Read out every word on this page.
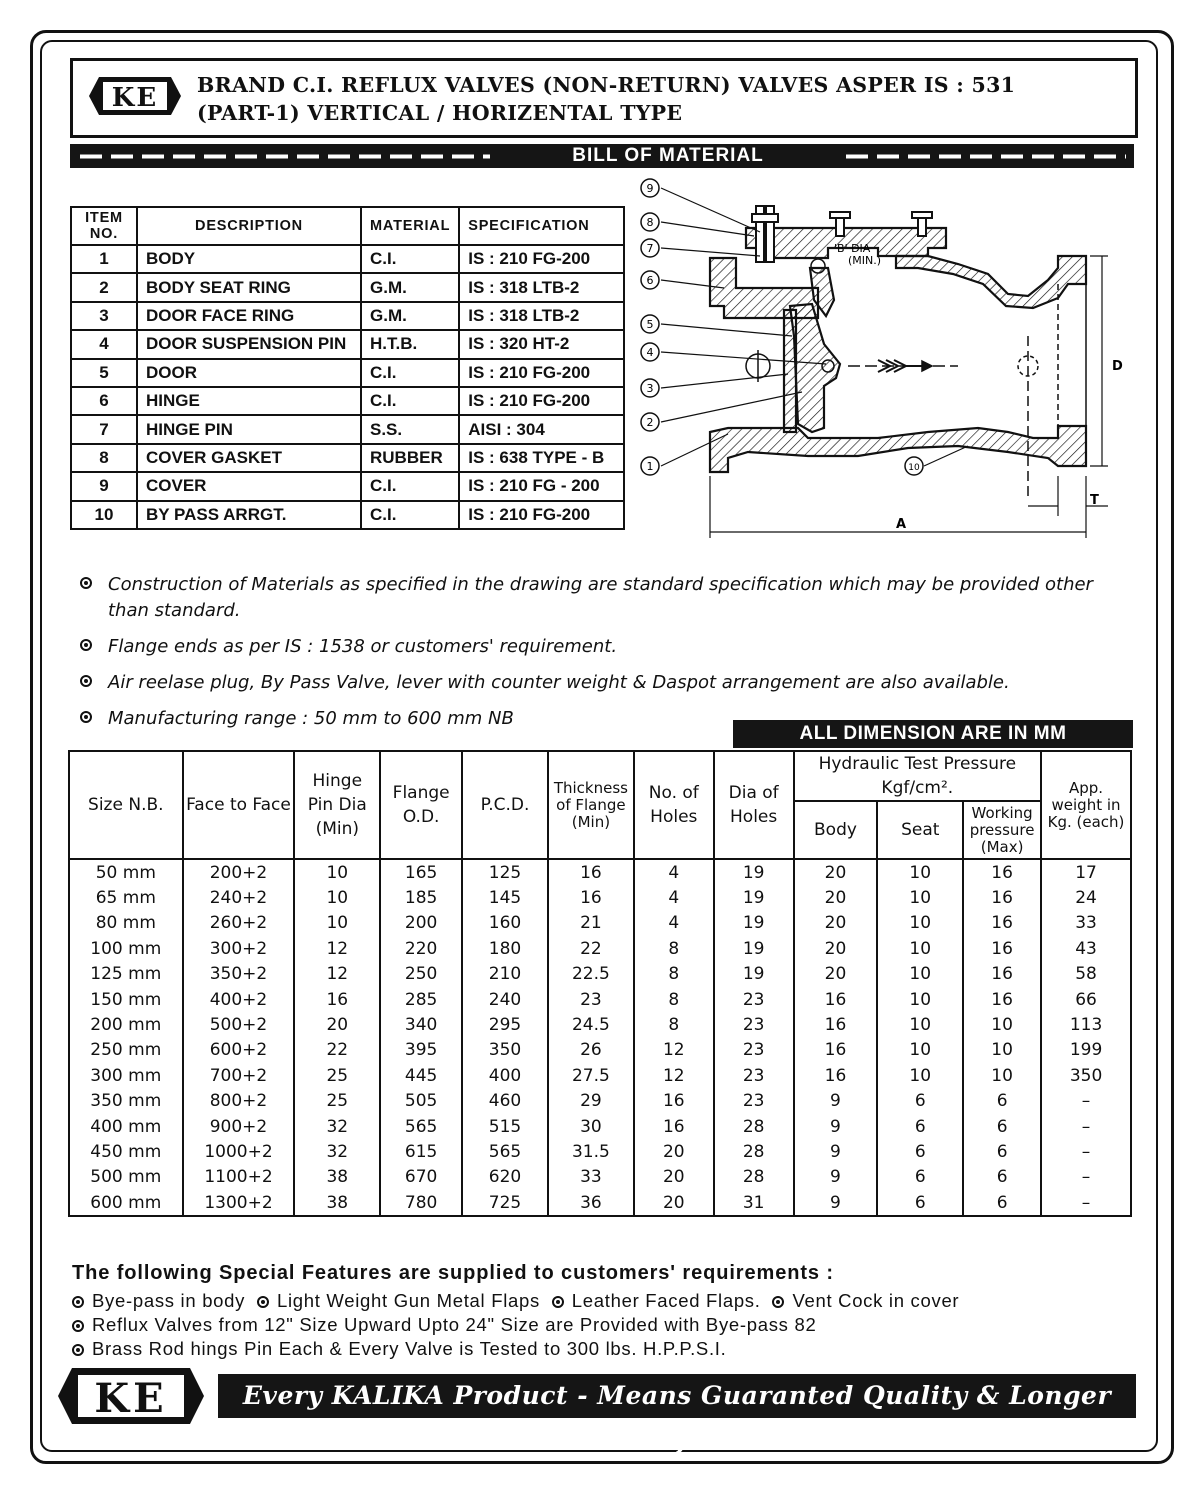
KE BRAND C.I. REFLUX VALVES (NON-RETURN) VALVES ASPER IS : 531
(PART-1) VERTICAL / HORIZENTAL TYPE
BILL OF MATERIAL
ITEM NO.	DESCRIPTION	MATERIAL	SPECIFICATION
1	BODY	C.I.	IS : 210 FG-200
2	BODY SEAT RING	G.M.	IS : 318 LTB-2
3	DOOR FACE RING	G.M.	IS : 318 LTB-2
4	DOOR SUSPENSION PIN	H.T.B.	IS : 320 HT-2
5	DOOR	C.I.	IS : 210 FG-200
6	HINGE	C.I.	IS : 210 FG-200
7	HINGE PIN	S.S.	AISI : 304
8	COVER GASKET	RUBBER	IS : 638 TYPE - B
9	COVER	C.I.	IS : 210 FG - 200
10	BY PASS ARRGT.	C.I.	IS : 210 FG-200
T
A
D
'B' DIA
(MIN.)
9
8
7
6
5
4
3
2
1	10
Construction of Materials as specified in the drawing are standard specification which may be provided other than standard.
Flange ends as per IS : 1538 or customers' requirement.
Air reelase plug, By Pass Valve, lever with counter weight & Daspot arrangement are also available.
Manufacturing range : 50 mm to 600 mm NB
ALL DIMENSION ARE IN MM
Size N.B.	Face to Face	Hinge Pin Dia (Min)	Flange O.D.	P.C.D.	Thickness of Flange (Min)	No. of Holes	Dia of Holes	Hydraulic Test Pressure Kgf/cm².			App. weight in Kg. (each)
								Body	Seat	Working pressure (Max)	
50 mm	200+2	10	165	125	16	4	19	20	10	16	17
65 mm	240+2	10	185	145	16	4	19	20	10	16	24
80 mm	260+2	10	200	160	21	4	19	20	10	16	33
100 mm	300+2	12	220	180	22	8	19	20	10	16	43
125 mm	350+2	12	250	210	22.5	8	19	20	10	16	58
150 mm	400+2	16	285	240	23	8	23	16	10	16	66
200 mm	500+2	20	340	295	24.5	8	23	16	10	10	113
250 mm	600+2	22	395	350	26	12	23	16	10	10	199
300 mm	700+2	25	445	400	27.5	12	23	16	10	10	350
350 mm	800+2	25	505	460	29	16	23	9	6	6	–
400 mm	900+2	32	565	515	30	16	28	9	6	6	–
450 mm	1000+2	32	615	565	31.5	20	28	9	6	6	–
500 mm	1100+2	38	670	620	33	20	28	9	6	6	–
600 mm	1300+2	38	780	725	36	20	31	9	6	6	–
The following Special Features are supplied to customers' requirements :
Bye-pass in body Light Weight Gun Metal Flaps Leather Faced Flaps. Vent Cock in cover
Reflux Valves from 12" Size Upward Upto 24" Size are Provided with Bye-pass 82
Brass Rod hings Pin Each & Every Valve is Tested to 300 lbs. H.P.P.S.I.
KE	Every KALIKA Product - Means Guaranted Quality & Longer Life
